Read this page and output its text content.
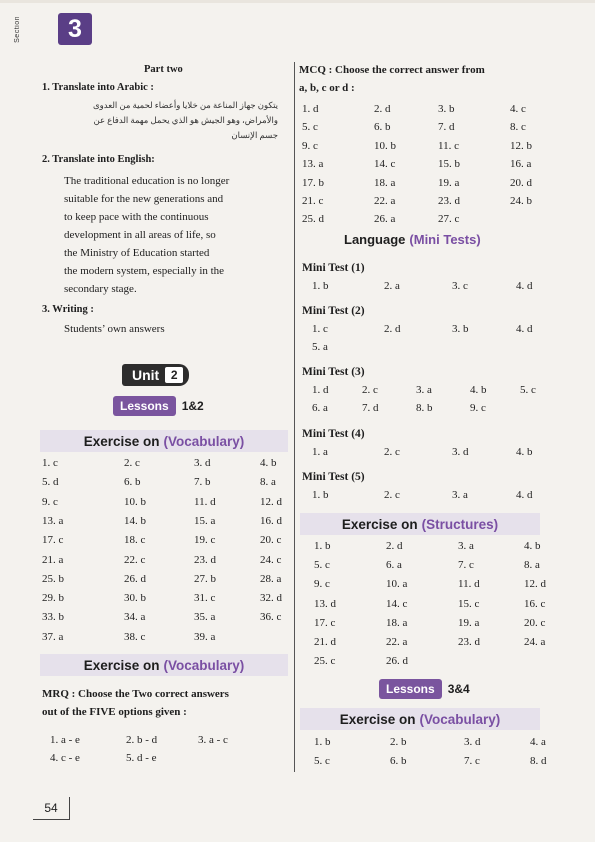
Section	3
Part two
1. Translate into Arabic :
يتكون جهاز المناعة من خلايا وأعضاء لحمية من العدوى
والأمراض، وهو الجيش هو الذي يحمل مهمة الدفاع عن
جسم الإنسان
2. Translate into English:
The traditional education is no longer
suitable for the new generations and
to keep pace with the continuous
development in all areas of life, so
the Ministry of Education started
the modern system, especially in the
secondary stage.
3. Writing :
Students’ own answers
Unit 2
Lessons	1&2
Exercise on (Vocabulary)
1. c	2. c	3. d	4. b
5. d	6. b	7. b	8. a
9. c	10. b	11. d	12. d
13. a	14. b	15. a	16. d
17. c	18. c	19. c	20. c
21. a	22. c	23. d	24. c
25. b	26. d	27. b	28. a
29. b	30. b	31. c	32. d
33. b	34. a	35. a	36. c
37. a	38. c	39. a
Exercise on (Vocabulary)
MRQ : Choose the Two correct answers
out of the FIVE options given :
1. a - e	2. b - d	3. a - c
4. c - e	5. d - e
MCQ : Choose the correct answer from
a, b, c or d :
1. d	2. d	3. b	4. c
5. c	6. b	7. d	8. c
9. c	10. b	11. c	12. b
13. a	14. c	15. b	16. a
17. b	18. a	19. a	20. d
21. c	22. a	23. d	24. b
25. d	26. a	27. c
Language (Mini Tests)
Mini Test (1)
1. b	2. a	3. c	4. d
Mini Test (2)
1. c	2. d	3. b	4. d
5. a
Mini Test (3)
1. d	2. c	3. a	4. b	5. c
6. a	7. d	8. b	9. c
Mini Test (4)
1. a	2. c	3. d	4. b
Mini Test (5)
1. b	2. c	3. a	4. d
Exercise on (Structures)
1. b	2. d	3. a	4. b
5. c	6. a	7. c	8. a
9. c	10. a	11. d	12. d
13. d	14. c	15. c	16. c
17. c	18. a	19. a	20. c
21. d	22. a	23. d	24. a
25. c	26. d
Lessons	3&4
Exercise on (Vocabulary)
1. b	2. b	3. d	4. a
5. c	6. b	7. c	8. d
54
